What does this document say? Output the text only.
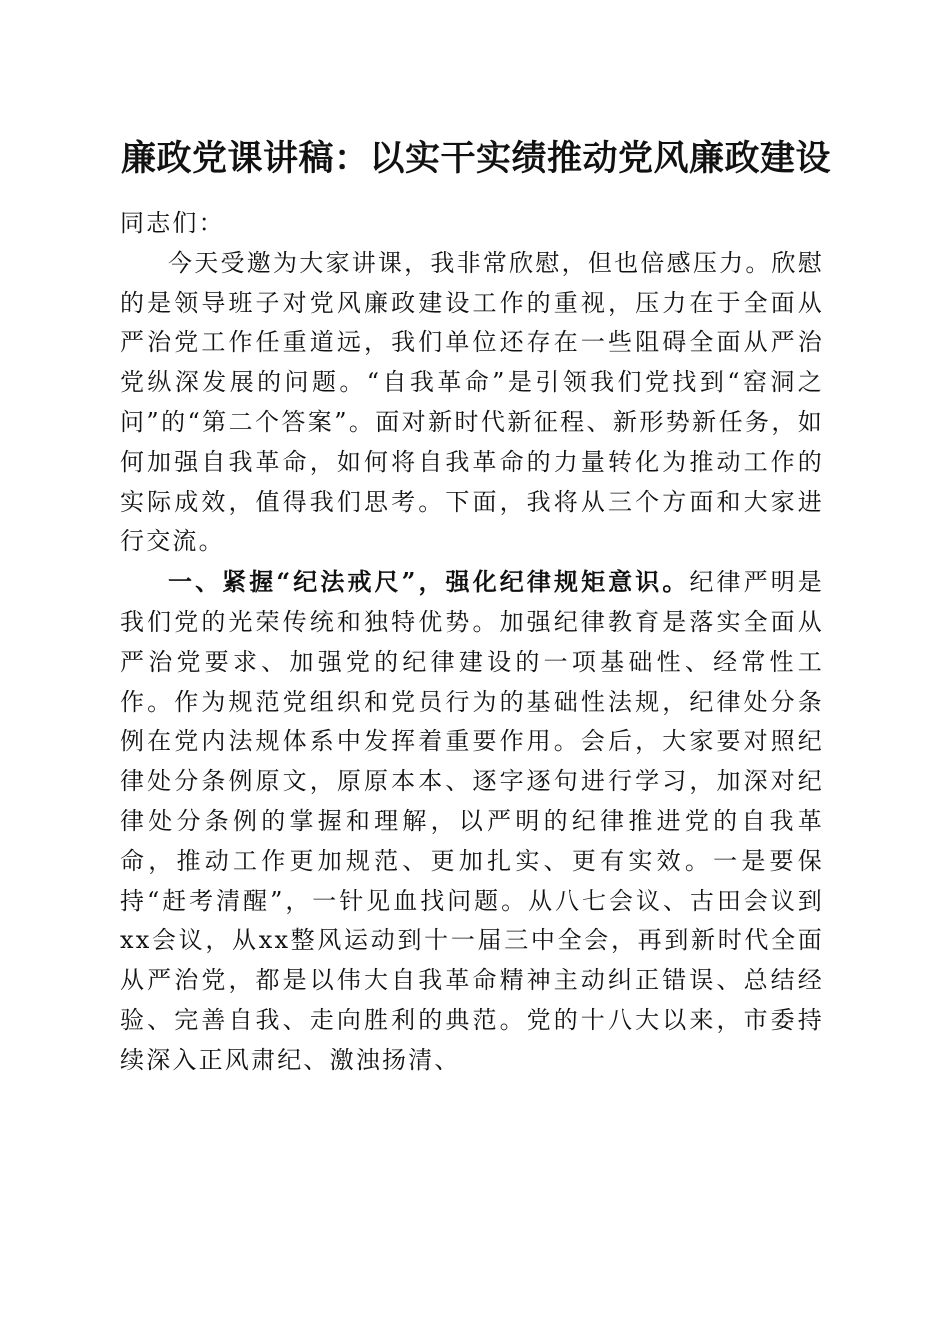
廉政党课讲稿：以实干实绩推动党风廉政建设

同志们：

今天受邀为大家讲课，我非常欣慰，但也倍感压力。欣慰的是领导班子对党风廉政建设工作的重视，压力在于全面从严治党工作任重道远，我们单位还存在一些阻碍全面从严治党纵深发展的问题。“自我革命”是引领我们党找到“窑洞之问”的“第二个答案”。面对新时代新征程、新形势新任务，如何加强自我革命，如何将自我革命的力量转化为推动工作的实际成效，值得我们思考。下面，我将从三个方面和大家进行交流。

一、紧握“纪法戒尺”，强化纪律规矩意识。纪律严明是我们党的光荣传统和独特优势。加强纪律教育是落实全面从严治党要求、加强党的纪律建设的一项基础性、经常性工作。作为规范党组织和党员行为的基础性法规，纪律处分条例在党内法规体系中发挥着重要作用。会后，大家要对照纪律处分条例原文，原原本本、逐字逐句进行学习，加深对纪律处分条例的掌握和理解，以严明的纪律推进党的自我革命，推动工作更加规范、更加扎实、更有实效。一是要保持“赶考清醒”，一针见血找问题。从八七会议、古田会议到xx会议，从xx整风运动到十一届三中全会，再到新时代全面从严治党，都是以伟大自我革命精神主动纠正错误、总结经验、完善自我、走向胜利的典范。党的十八大以来，市委持续深入正风肃纪、激浊扬清、
